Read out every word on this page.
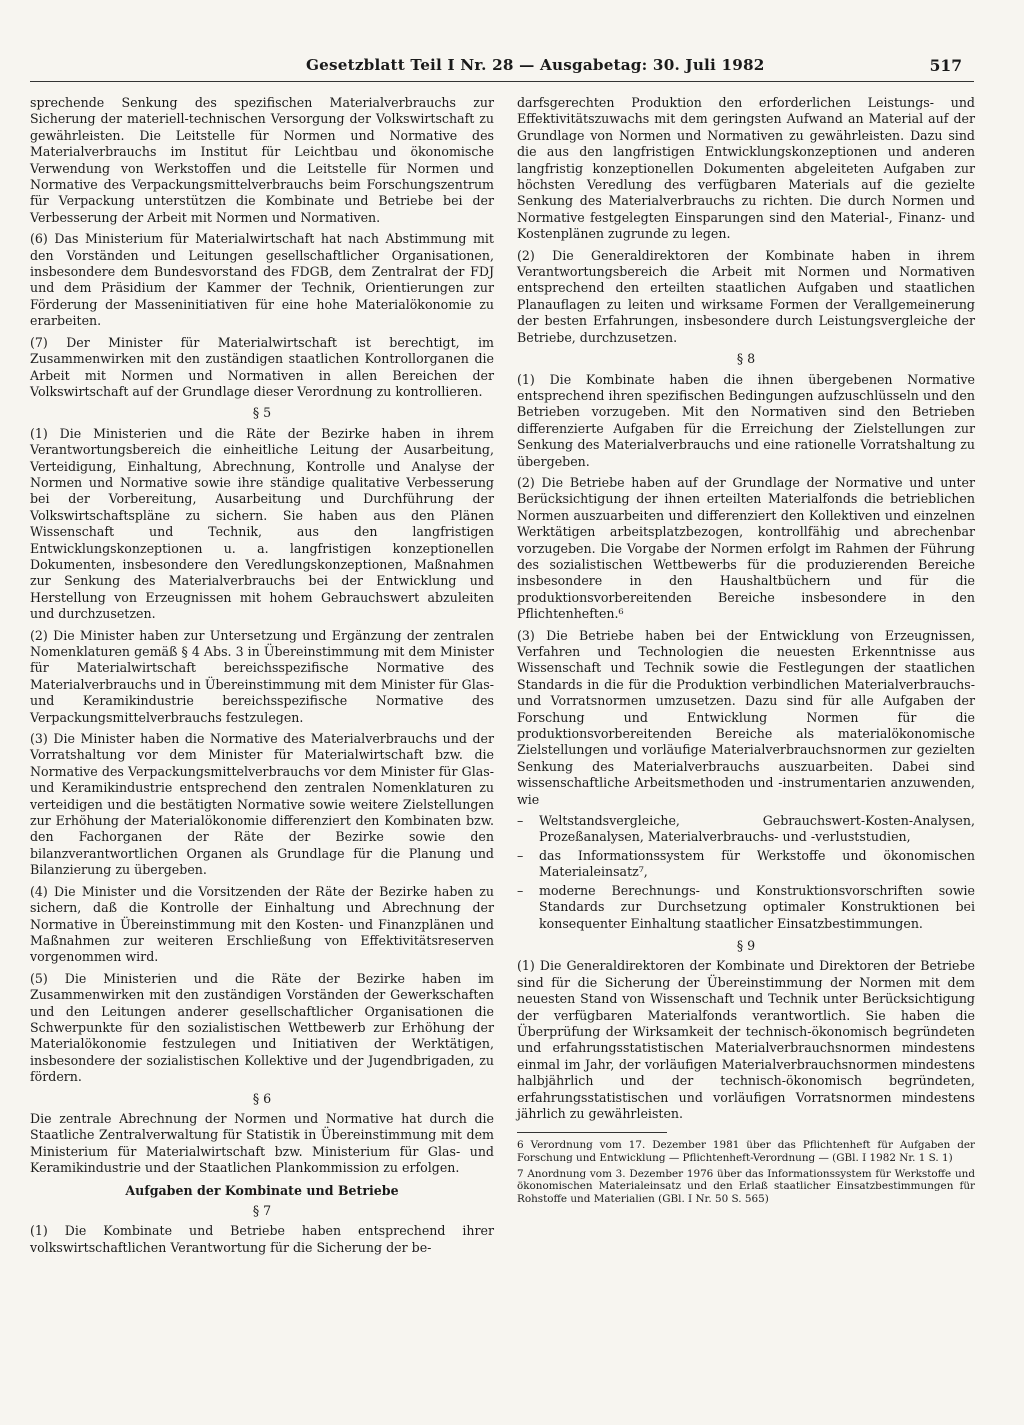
Gesetzblatt Teil I Nr. 28 — Ausgabetag: 30. Juli 1982	517

sprechende Senkung des spezifischen Materialverbrauchs zur Sicherung der materiell-technischen Versorgung der Volkswirtschaft zu gewährleisten. Die Leitstelle für Normen und Normative des Materialverbrauchs im Institut für Leichtbau und ökonomische Verwendung von Werkstoffen und die Leitstelle für Normen und Normative des Verpackungsmittelverbrauchs beim Forschungszentrum für Verpackung unterstützen die Kombinate und Betriebe bei der Verbesserung der Arbeit mit Normen und Normativen.

(6) Das Ministerium für Materialwirtschaft hat nach Abstimmung mit den Vorständen und Leitungen gesellschaftlicher Organisationen, insbesondere dem Bundesvorstand des FDGB, dem Zentralrat der FDJ und dem Präsidium der Kammer der Technik, Orientierungen zur Förderung der Masseninitiativen für eine hohe Materialökonomie zu erarbeiten.

(7) Der Minister für Materialwirtschaft ist berechtigt, im Zusammenwirken mit den zuständigen staatlichen Kontrollorganen die Arbeit mit Normen und Normativen in allen Bereichen der Volkswirtschaft auf der Grundlage dieser Verordnung zu kontrollieren.

§ 5

(1) Die Ministerien und die Räte der Bezirke haben in ihrem Verantwortungsbereich die einheitliche Leitung der Ausarbeitung, Verteidigung, Einhaltung, Abrechnung, Kontrolle und Analyse der Normen und Normative sowie ihre ständige qualitative Verbesserung bei der Vorbereitung, Ausarbeitung und Durchführung der Volkswirtschaftspläne zu sichern. Sie haben aus den Plänen Wissenschaft und Technik, aus den langfristigen Entwicklungskonzeptionen u. a. langfristigen konzeptionellen Dokumenten, insbesondere den Veredlungskonzeptionen, Maßnahmen zur Senkung des Materialverbrauchs bei der Entwicklung und Herstellung von Erzeugnissen mit hohem Gebrauchswert abzuleiten und durchzusetzen.

(2) Die Minister haben zur Untersetzung und Ergänzung der zentralen Nomenklaturen gemäß § 4 Abs. 3 in Übereinstimmung mit dem Minister für Materialwirtschaft bereichsspezifische Normative des Materialverbrauchs und in Übereinstimmung mit dem Minister für Glas- und Keramikindustrie bereichsspezifische Normative des Verpackungsmittelverbrauchs festzulegen.

(3) Die Minister haben die Normative des Materialverbrauchs und der Vorratshaltung vor dem Minister für Materialwirtschaft bzw. die Normative des Verpackungsmittelverbrauchs vor dem Minister für Glas- und Keramikindustrie entsprechend den zentralen Nomenklaturen zu verteidigen und die bestätigten Normative sowie weitere Zielstellungen zur Erhöhung der Materialökonomie differenziert den Kombinaten bzw. den Fachorganen der Räte der Bezirke sowie den bilanzverantwortlichen Organen als Grundlage für die Planung und Bilanzierung zu übergeben.

(4) Die Minister und die Vorsitzenden der Räte der Bezirke haben zu sichern, daß die Kontrolle der Einhaltung und Abrechnung der Normative in Übereinstimmung mit den Kosten- und Finanzplänen und Maßnahmen zur weiteren Erschließung von Effektivitätsreserven vorgenommen wird.

(5) Die Ministerien und die Räte der Bezirke haben im Zusammenwirken mit den zuständigen Vorständen der Gewerkschaften und den Leitungen anderer gesellschaftlicher Organisationen die Schwerpunkte für den sozialistischen Wettbewerb zur Erhöhung der Materialökonomie festzulegen und Initiativen der Werktätigen, insbesondere der sozialistischen Kollektive und der Jugendbrigaden, zu fördern.

§ 6

Die zentrale Abrechnung der Normen und Normative hat durch die Staatliche Zentralverwaltung für Statistik in Übereinstimmung mit dem Ministerium für Materialwirtschaft bzw. Ministerium für Glas- und Keramikindustrie und der Staatlichen Plankommission zu erfolgen.

Aufgaben der Kombinate und Betriebe
§ 7

(1) Die Kombinate und Betriebe haben entsprechend ihrer volkswirtschaftlichen Verantwortung für die Sicherung der be-

darfsgerechten Produktion den erforderlichen Leistungs- und Effektivitätszuwachs mit dem geringsten Aufwand an Material auf der Grundlage von Normen und Normativen zu gewährleisten. Dazu sind die aus den langfristigen Entwicklungskonzeptionen und anderen langfristig konzeptionellen Dokumenten abgeleiteten Aufgaben zur höchsten Veredlung des verfügbaren Materials auf die gezielte Senkung des Materialverbrauchs zu richten. Die durch Normen und Normative festgelegten Einsparungen sind den Material-, Finanz- und Kostenplänen zugrunde zu legen.

(2) Die Generaldirektoren der Kombinate haben in ihrem Verantwortungsbereich die Arbeit mit Normen und Normativen entsprechend den erteilten staatlichen Aufgaben und staatlichen Planauflagen zu leiten und wirksame Formen der Verallgemeinerung der besten Erfahrungen, insbesondere durch Leistungsvergleiche der Betriebe, durchzusetzen.

§ 8

(1) Die Kombinate haben die ihnen übergebenen Normative entsprechend ihren spezifischen Bedingungen aufzuschlüsseln und den Betrieben vorzugeben. Mit den Normativen sind den Betrieben differenzierte Aufgaben für die Erreichung der Zielstellungen zur Senkung des Materialverbrauchs und eine rationelle Vorratshaltung zu übergeben.

(2) Die Betriebe haben auf der Grundlage der Normative und unter Berücksichtigung der ihnen erteilten Materialfonds die betrieblichen Normen auszuarbeiten und differenziert den Kollektiven und einzelnen Werktätigen arbeitsplatzbezogen, kontrollfähig und abrechenbar vorzugeben. Die Vorgabe der Normen erfolgt im Rahmen der Führung des sozialistischen Wettbewerbs für die produzierenden Bereiche insbesondere in den Haushaltbüchern und für die produktionsvorbereitenden Bereiche insbesondere in den Pflichtenheften.⁶

(3) Die Betriebe haben bei der Entwicklung von Erzeugnissen, Verfahren und Technologien die neuesten Erkenntnisse aus Wissenschaft und Technik sowie die Festlegungen der staatlichen Standards in die für die Produktion verbindlichen Materialverbrauchs- und Vorratsnormen umzusetzen. Dazu sind für alle Aufgaben der Forschung und Entwicklung Normen für die produktionsvorbereitenden Bereiche als materialökonomische Zielstellungen und vorläufige Materialverbrauchsnormen zur gezielten Senkung des Materialverbrauchs auszuarbeiten. Dabei sind wissenschaftliche Arbeitsmethoden und -instrumentarien anzuwenden, wie

– Weltstandsvergleiche, Gebrauchswert-Kosten-Analysen, Prozeßanalysen, Materialverbrauchs- und -verluststudien,
– das Informationssystem für Werkstoffe und ökonomischen Materialeinsatz⁷,
– moderne Berechnungs- und Konstruktionsvorschriften sowie Standards zur Durchsetzung optimaler Konstruktionen bei konsequenter Einhaltung staatlicher Einsatzbestimmungen.
§ 9

(1) Die Generaldirektoren der Kombinate und Direktoren der Betriebe sind für die Sicherung der Übereinstimmung der Normen mit dem neuesten Stand von Wissenschaft und Technik unter Berücksichtigung der verfügbaren Materialfonds verantwortlich. Sie haben die Überprüfung der Wirksamkeit der technisch-ökonomisch begründeten und erfahrungsstatistischen Materialverbrauchsnormen mindestens einmal im Jahr, der vorläufigen Materialverbrauchsnormen mindestens halbjährlich und der technisch-ökonomisch begründeten, erfahrungsstatistischen und vorläufigen Vorratsnormen mindestens jährlich zu gewährleisten.

6 Verordnung vom 17. Dezember 1981 über das Pflichtenheft für Aufgaben der Forschung und Entwicklung — Pflichtenheft-Verordnung — (GBl. I 1982 Nr. 1 S. 1)

7 Anordnung vom 3. Dezember 1976 über das Informationssystem für Werkstoffe und ökonomischen Materialeinsatz und den Erlaß staatlicher Einsatzbestimmungen für Rohstoffe und Materialien (GBl. I Nr. 50 S. 565)
